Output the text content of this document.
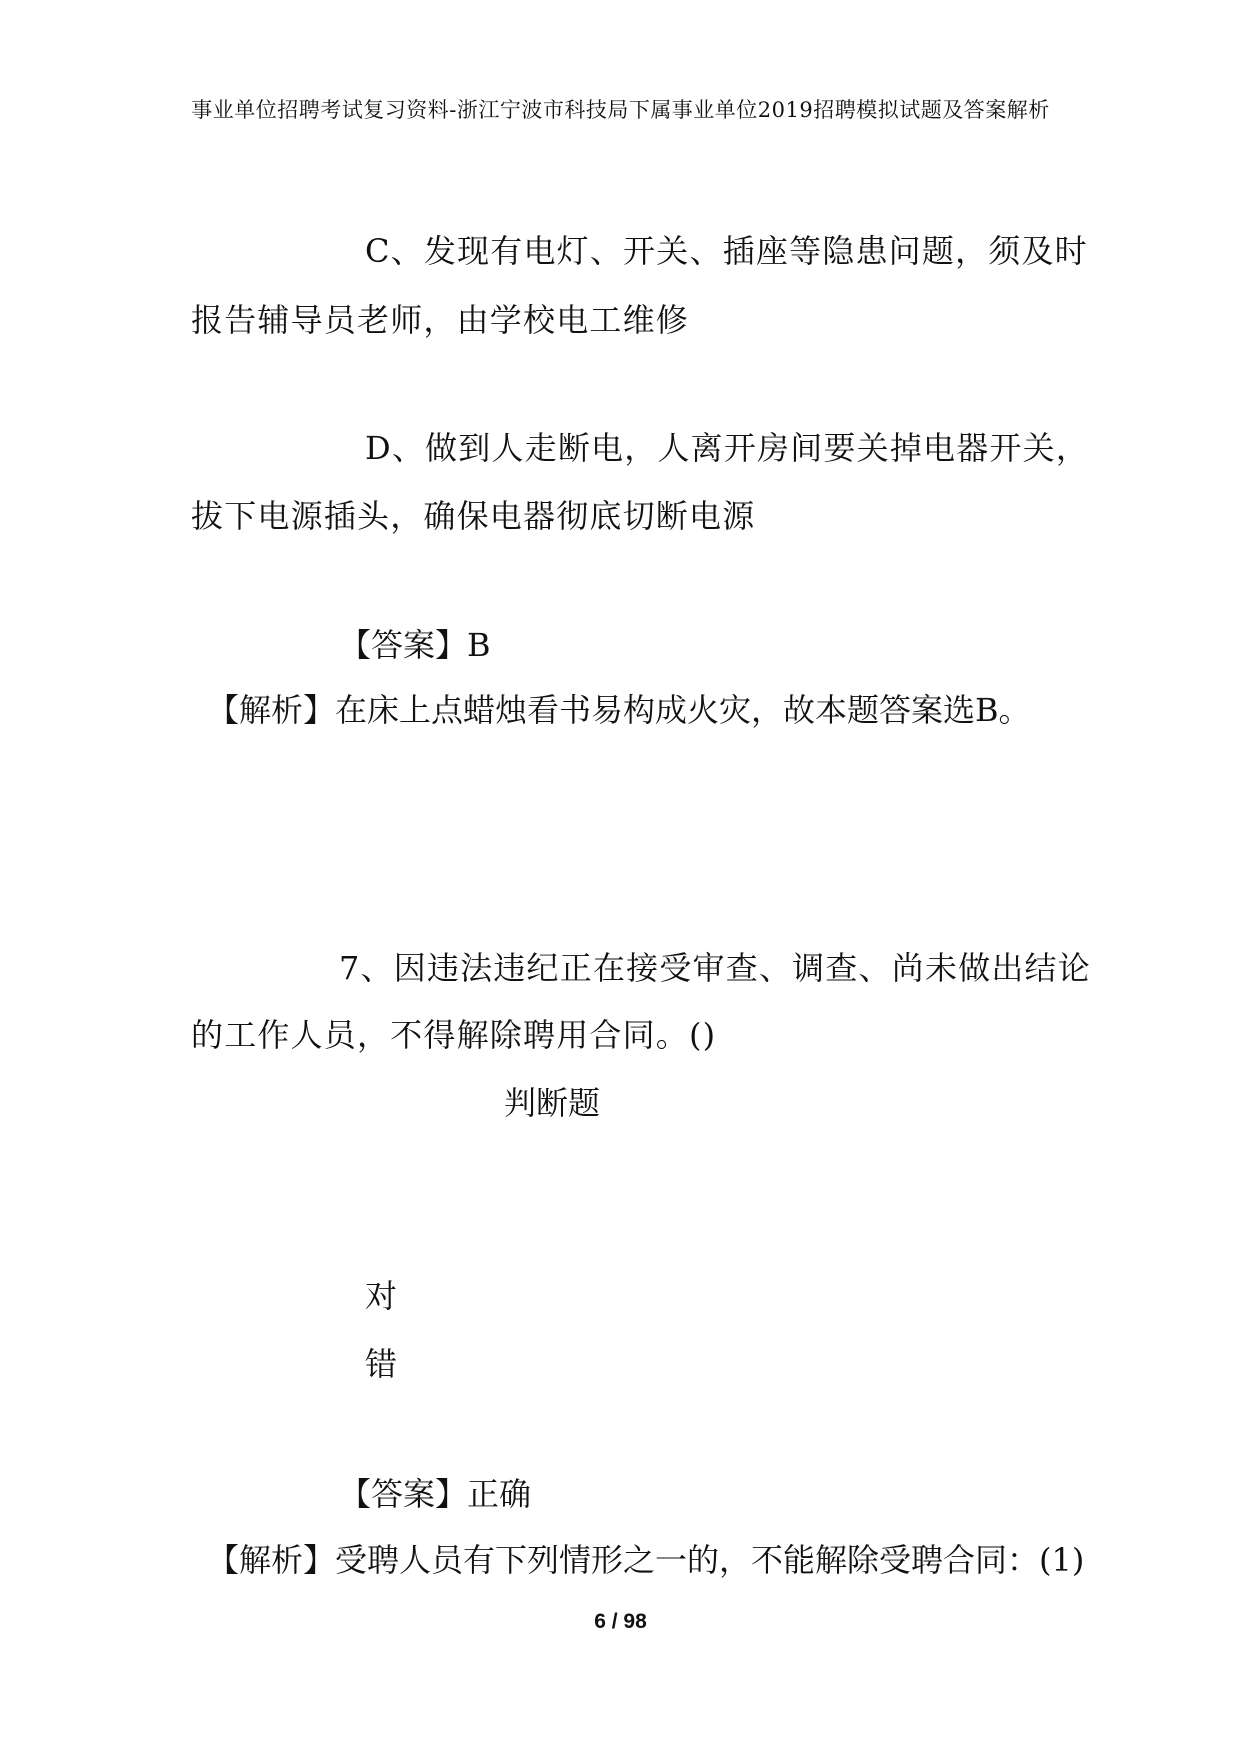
事业单位招聘考试复习资料-浙江宁波市科技局下属事业单位2019招聘模拟试题及答案解析
C、发现有电灯、开关、插座等隐患问题，须及时
报告辅导员老师，由学校电工维修
D、做到人走断电，人离开房间要关掉电器开关，
拔下电源插头，确保电器彻底切断电源
【答案】B
【解析】在床上点蜡烛看书易构成火灾，故本题答案选B。
7、因违法违纪正在接受审查、调查、尚未做出结论
的工作人员，不得解除聘用合同。()
判断题
对
错
【答案】正确
【解析】受聘人员有下列情形之一的，不能解除受聘合同：(1)
6 / 98
